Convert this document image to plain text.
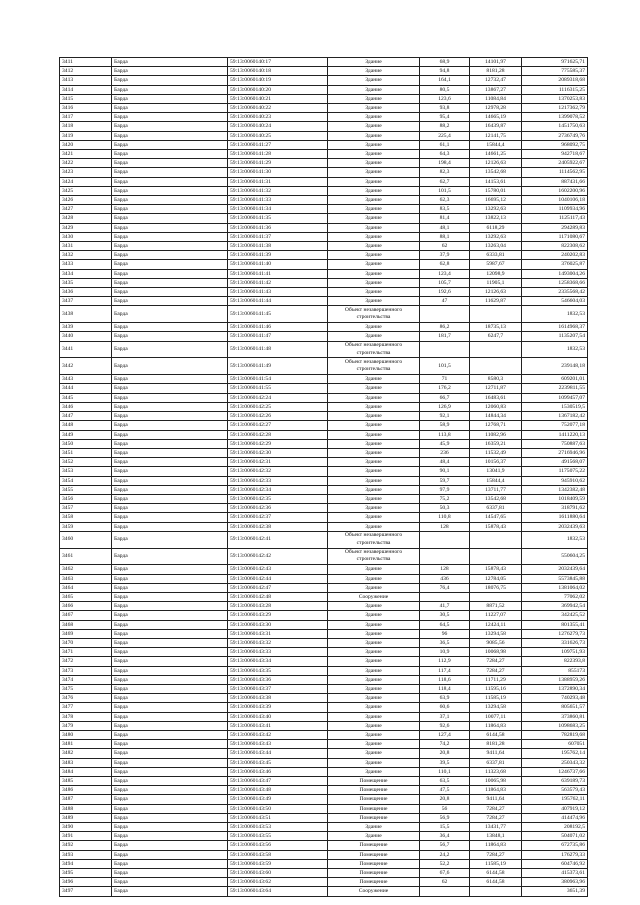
3411	Барда	59:13:0060140:17	Здание	68,9	14101,97	971625,71
3412	Барда	59:13:0060140:18	Здание	94,8	8181,28	775585,37
3413	Барда	59:13:0060140:19	Здание	164,1	12732,47	2089318,68
3414	Барда	59:13:0060140:20	Здание	80,5	13867,27	1116315,25
3415	Барда	59:13:0060140:21	Здание	123,6	11084,84	1370253,83
3416	Барда	59:13:0060140:22	Здание	93,8	12978,28	1217362,79
3417	Барда	59:13:0060140:23	Здание	95,4	14665,19	1399078,52
3418	Барда	59:13:0060140:24	Здание	88,2	16439,87	1451750,63
3419	Барда	59:13:0060140:25	Здание	225,4	12141,75	2736749,76
3420	Барда	59:13:0060141:27	Здание	61,1	15844,4	968092,75
3421	Барда	59:13:0060141:28	Здание	64,3	14661,25	942718,67
3422	Барда	59:13:0060141:29	Здание	198,4	12126,63	2405922,67
3423	Барда	59:13:0060141:30	Здание	82,3	13542,68	1114562,95
3424	Барда	59:13:0060141:31	Здание	62,7	14153,61	887431,66
3425	Барда	59:13:0060141:32	Здание	101,5	15780,01	1602200,96
3426	Барда	59:13:0060141:33	Здание	62,3	16695,12	1040106,18
3427	Барда	59:13:0060141:34	Здание	83,5	13292,63	1109934,96
3428	Барда	59:13:0060141:35	Здание	81,4	13822,13	1125117,43
3429	Барда	59:13:0060141:36	Здание	48,1	6118,29	294289,83
3430	Барда	59:13:0060141:37	Здание	88,1	13292,63	1171080,67
3431	Барда	59:13:0060141:38	Здание	62	13263,04	822308,62
3432	Барда	59:13:0060141:39	Здание	37,9	6333,81	240202,83
3433	Барда	59:13:0060141:40	Здание	62,8	5987,67	376025,87
3434	Барда	59:13:0060141:41	Здание	123,4	12098,9	1493004,26
3435	Барда	59:13:0060141:42	Здание	105,7	11905,1	1258368,66
3436	Барда	59:13:0060141:43	Здание	192,6	12126,63	2335568,42
3437	Барда	59:13:0060141:44	Здание	47	11629,87	546604,03
3438	Барда	59:13:0060141:45	Объект незавершенного строительства			1832,53
3439	Барда	59:13:0060141:46	Здание	86,2	18735,13	1614968,37
3440	Барда	59:13:0060141:47	Здание	181,7	6247,7	1135207,54
3441	Барда	59:13:0060141:48	Объект незавершенного строительства			1832,53
3442	Барда	59:13:0060141:49	Объект незавершенного строительства	101,5		239148,18
3443	Барда	59:13:0060141:54	Здание	71	8580,3	609201,01
3444	Барда	59:13:0060141:55	Здание	176,2	12711,87	2239811,55
3445	Барда	59:13:0060142:24	Здание	66,7	16483,61	1099457,07
3446	Барда	59:13:0060142:25	Здание	126,9	12060,83	1530519,5
3447	Барда	59:13:0060142:26	Здание	92,1	14844,34	1367182,42
3448	Барда	59:13:0060142:27	Здание	58,9	12768,71	752077,18
3449	Барда	59:13:0060142:28	Здание	113,8	11082,96	1411220,13
3450	Барда	59:13:0060142:29	Здание	45,9	16359,21	750887,63
3451	Барда	59:13:0060142:30	Здание	236	11532,49	2716946,96
3452	Барда	59:13:0060142:31	Здание	48,4	10156,37	491568,07
3453	Барда	59:13:0060142:32	Здание	90,1	13041,9	1175075,22
3454	Барда	59:13:0060142:33	Здание	59,7	15844,4	945910,62
3455	Барда	59:13:0060142:34	Здание	97,9	13711,77	1342382,48
3456	Барда	59:13:0060142:35	Здание	75,2	13542,68	1018409,59
3457	Барда	59:13:0060142:36	Здание	50,3	6337,81	318791,62
3458	Барда	59:13:0060142:37	Здание	110,8	14547,65	1611880,64
3459	Барда	59:13:0060142:38	Здание	128	15878,43	2032439,63
3460	Барда	59:13:0060142:41	Объект незавершенного строительства			1832,53
3461	Барда	59:13:0060142:42	Объект незавершенного строительства			550604,25
3462	Барда	59:13:0060142:43	Здание	128	15878,43	2032439,64
3463	Барда	59:13:0060142:44	Здание	436	12784,05	5573845,88
3464	Барда	59:13:0060142:47	Здание	76,4	18076,75	1381064,02
3465	Барда	59:13:0060142:48	Сооружение			77062,02
3466	Барда	59:13:0060143:28	Здание	41,7	8871,52	369942,54
3467	Барда	59:13:0060143:29	Здание	30,5	11227,07	342425,52
3468	Барда	59:13:0060143:30	Здание	64,5	12424,11	801355,41
3469	Барда	59:13:0060143:31	Здание	96	13294,58	1276279,73
3470	Барда	59:13:0060143:32	Здание	36,5	9085,56	331626,73
3471	Барда	59:13:0060143:33	Здание	10,9	10068,98	109751,93
3472	Барда	59:13:0060143:34	Здание	112,9	7284,27	822393,8
3473	Барда	59:13:0060143:35	Здание	117,4	7284,27	855173
3474	Барда	59:13:0060143:36	Здание	118,6	11711,29	1388959,26
3475	Барда	59:13:0060143:37	Здание	118,4	11595,16	1372890,34
3476	Барда	59:13:0060143:38	Здание	63,9	11585,19	740293,48
3477	Барда	59:13:0060143:39	Здание	60,6	13294,58	805651,57
3478	Барда	59:13:0060143:40	Здание	37,1	10077,11	373860,81
3479	Барда	59:13:0060143:41	Здание	92,6	11864,83	1098683,25
3480	Барда	59:13:0060143:42	Здание	127,4	6144,58	782819,68
3481	Барда	59:13:0060143:43	Здание	74,2	8181,28	607051
3482	Барда	59:13:0060143:44	Здание	20,8	9411,64	195762,14
3483	Барда	59:13:0060143:45	Здание	39,5	6337,81	250343,32
3484	Барда	59:13:0060143:46	Здание	110,1	11323,68	1246737,66
3485	Барда	59:13:0060143:47	Помещение	63,5	10065,98	639189,73
3486	Барда	59:13:0060143:48	Помещение	47,5	11864,83	563579,43
3487	Барда	59:13:0060143:49	Помещение	20,8	9411,64	195762,11
3488	Барда	59:13:0060143:50	Помещение	56	7284,27	407919,12
3489	Барда	59:13:0060143:51	Помещение	56,9	7284,27	414474,96
3490	Барда	59:13:0060143:53	Здание	15,5	13431,77	208192,5
3491	Барда	59:13:0060143:55	Здание	36,4	13848,1	504071,02
3492	Барда	59:13:0060143:56	Помещение	56,7	11864,83	672735,86
3493	Барда	59:13:0060143:58	Помещение	24,2	7284,27	176279,33
3494	Барда	59:13:0060143:59	Помещение	52,2	11585,19	604746,92
3495	Барда	59:13:0060143:60	Помещение	67,6	6144,58	415373,61
3496	Барда	59:13:0060143:62	Помещение	62	6144,58	380963,96
3497	Барда	59:13:0060143:64	Сооружение			3651,39
